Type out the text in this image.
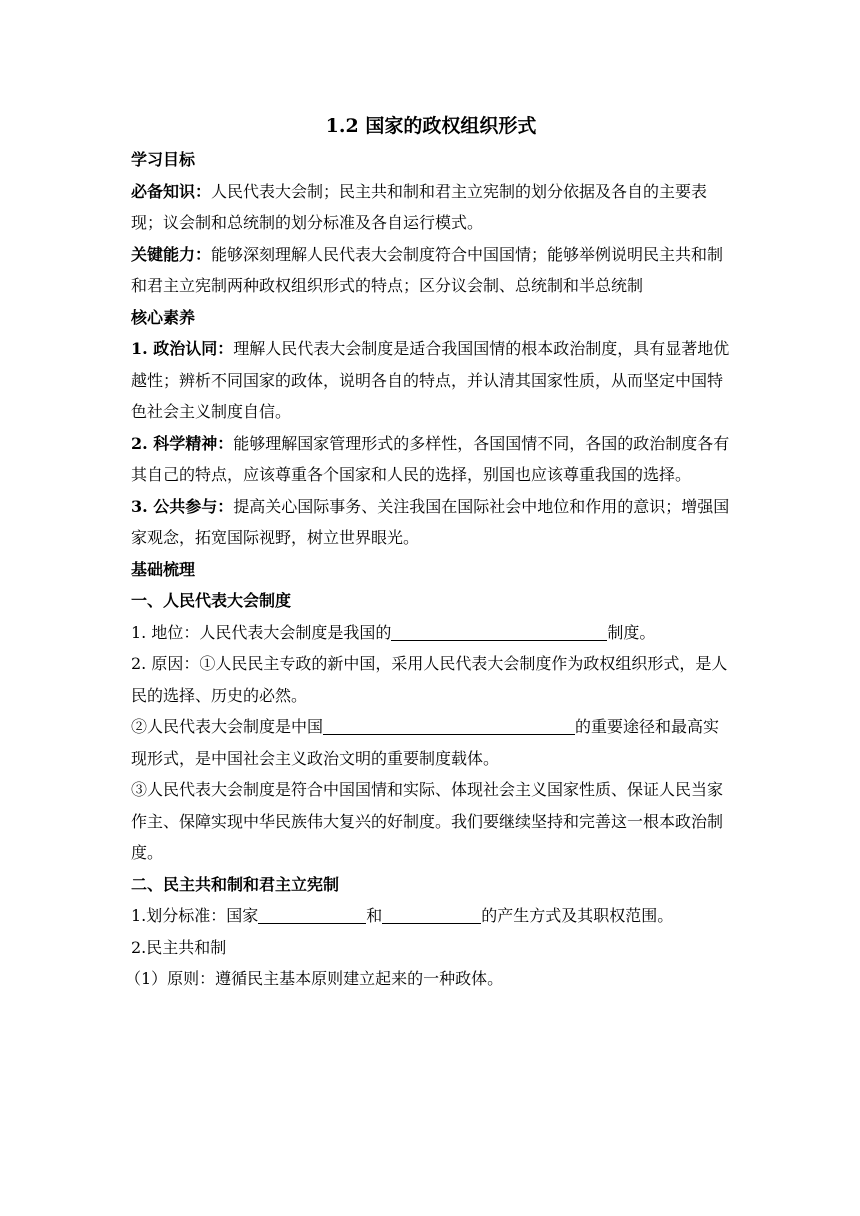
1.2 国家的政权组织形式

学习目标

必备知识：人民代表大会制；民主共和制和君主立宪制的划分依据及各自的主要表现；议会制和总统制的划分标准及各自运行模式。

关键能力：能够深刻理解人民代表大会制度符合中国国情；能够举例说明民主共和制和君主立宪制两种政权组织形式的特点；区分议会制、总统制和半总统制

核心素养

1. 政治认同：理解人民代表大会制度是适合我国国情的根本政治制度，具有显著地优越性；辨析不同国家的政体，说明各自的特点，并认清其国家性质，从而坚定中国特色社会主义制度自信。

2. 科学精神：能够理解国家管理形式的多样性，各国国情不同，各国的政治制度各有其自己的特点，应该尊重各个国家和人民的选择，别国也应该尊重我国的选择。

3. 公共参与：提高关心国际事务、关注我国在国际社会中地位和作用的意识；增强国家观念，拓宽国际视野，树立世界眼光。

基础梳理

一、人民代表大会制度

1. 地位：人民代表大会制度是我国的	制度。

2. 原因：①人民民主专政的新中国，采用人民代表大会制度作为政权组织形式，是人民的选择、历史的必然。

②人民代表大会制度是中国	的重要途径和最高实现形式，是中国社会主义政治文明的重要制度载体。

③人民代表大会制度是符合中国国情和实际、体现社会主义国家性质、保证人民当家作主、保障实现中华民族伟大复兴的好制度。我们要继续坚持和完善这一根本政治制度。

二、民主共和制和君主立宪制

1.划分标准：国家	和	的产生方式及其职权范围。

2.民主共和制

（1）原则：遵循民主基本原则建立起来的一种政体。
